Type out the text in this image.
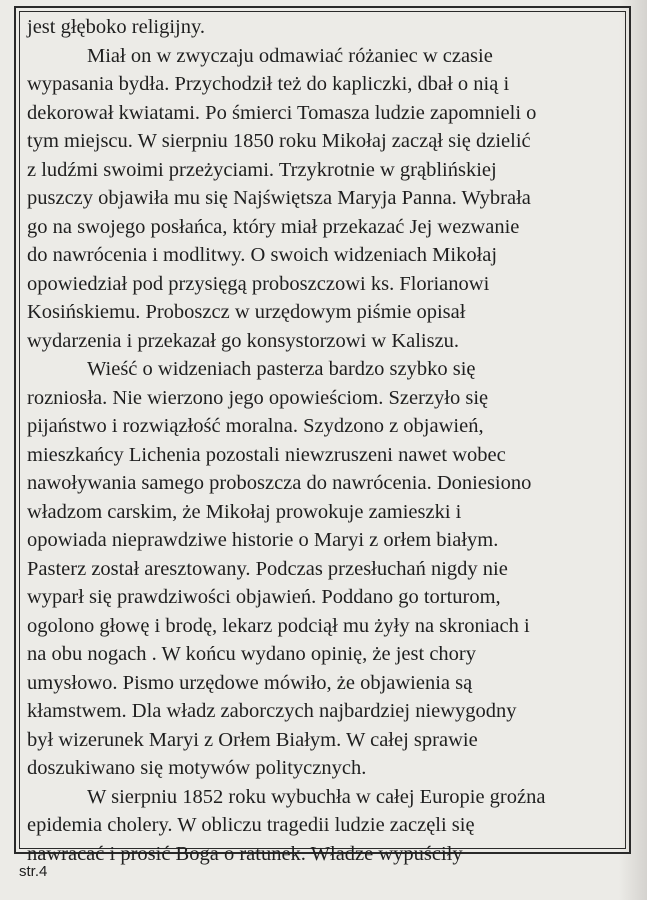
jest głęboko religijny.
Miał on w zwyczaju odmawiać różaniec w czasie
wypasania bydła. Przychodził też do kapliczki, dbał o nią i
dekorował kwiatami. Po śmierci Tomasza ludzie zapomnieli o
tym miejscu. W sierpniu 1850 roku Mikołaj zaczął się dzielić
z ludźmi swoimi przeżyciami. Trzykrotnie w grąblińskiej
puszczy objawiła mu się Najświętsza Maryja Panna. Wybrała
go na swojego posłańca, który miał przekazać Jej wezwanie
do nawrócenia i modlitwy. O swoich widzeniach Mikołaj
opowiedział pod przysięgą proboszczowi ks. Florianowi
Kosińskiemu. Proboszcz w urzędowym piśmie opisał
wydarzenia i przekazał go konsystorzowi w Kaliszu.
Wieść o widzeniach pasterza bardzo szybko się
rozniosła. Nie wierzono jego opowieściom. Szerzyło się
pijaństwo i rozwiązłość moralna. Szydzono z objawień,
mieszkańcy Lichenia pozostali niewzruszeni nawet wobec
nawoływania samego proboszcza do nawrócenia. Doniesiono
władzom carskim, że Mikołaj prowokuje zamieszki i
opowiada nieprawdziwe historie o Maryi z orłem białym.
Pasterz został aresztowany. Podczas przesłuchań nigdy nie
wyparł się prawdziwości objawień. Poddano go torturom,
ogolono głowę i brodę, lekarz podciął mu żyły na skroniach i
na obu nogach . W końcu wydano opinię, że jest chory
umysłowo. Pismo urzędowe mówiło, że objawienia są
kłamstwem. Dla władz zaborczych najbardziej niewygodny
był wizerunek Maryi z Orłem Białym. W całej sprawie
doszukiwano się motywów politycznych.
W sierpniu 1852 roku wybuchła w całej Europie groźna
epidemia cholery. W obliczu tragedii ludzie zaczęli się
nawracać i prosić Boga o ratunek. Władze wypuściły
str.4
